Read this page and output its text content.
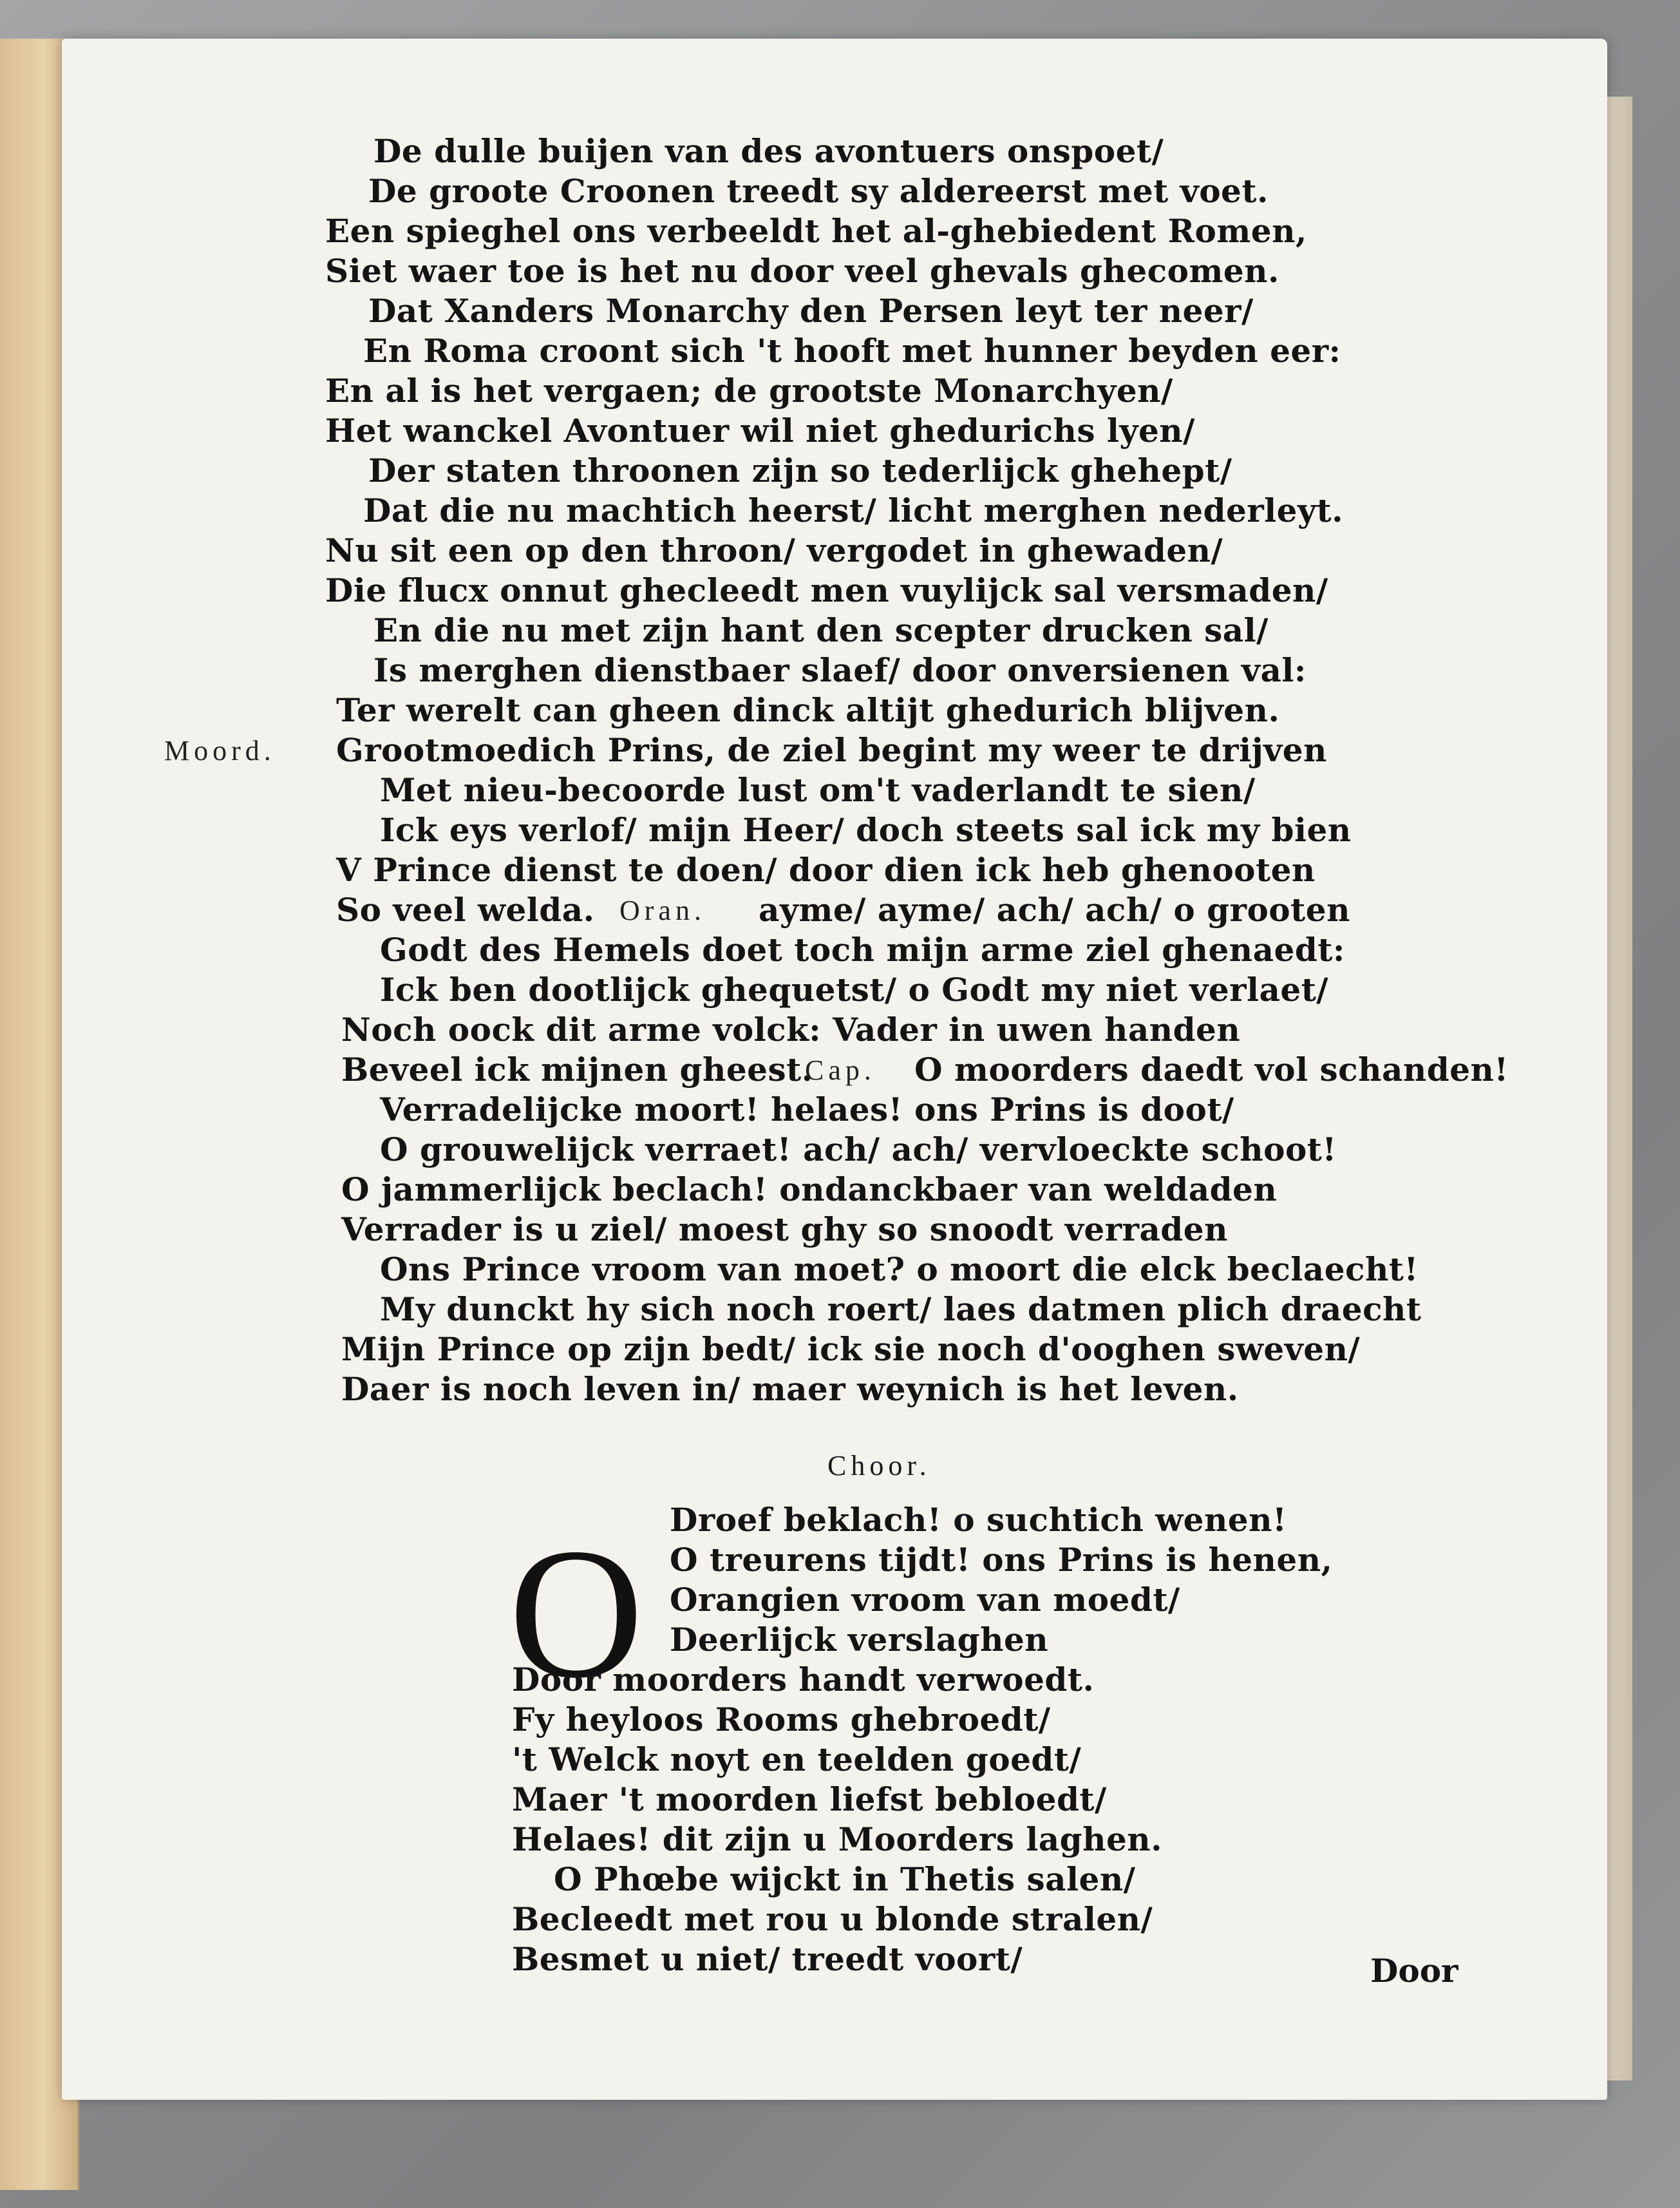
De dulle buijen van des avontuers onspoet/
De groote Croonen treedt sy aldereerst met voet.
Een spieghel ons verbeeldt het al-ghebiedent Romen,
Siet waer toe is het nu door veel ghevals ghecomen.
Dat Xanders Monarchy den Persen leyt ter neer/
En Roma croont sich 't hooft met hunner beyden eer:
En al is het vergaen; de grootste Monarchyen/
Het wanckel Avontuer wil niet ghedurichs lyen/
Der staten throonen zijn so tederlijck ghehept/
Dat die nu machtich heerst/ licht merghen nederleyt.
Nu sit een op den throon/ vergodet in ghewaden/
Die flucx onnut ghecleedt men vuylijck sal versmaden/
En die nu met zijn hant den scepter drucken sal/
Is merghen dienstbaer slaef/ door onversienen val:
Ter werelt can gheen dinck altijt ghedurich blijven.
Moord. Grootmoedich Prins, de ziel begint my weer te drijven
Met nieu-becoorde lust om't vaderlandt te sien/
Ick eys verlof/ mijn Heer/ doch steets sal ick my bien
V Prince dienst te doen/ door dien ick heb ghenooten
So veel welda. Oran. ayme/ ayme/ ach/ ach/ o grooten
Godt des Hemels doet toch mijn arme ziel ghenaedt:
Ick ben dootlijck ghequetst/ o Godt my niet verlaet/
Noch oock dit arme volck: Vader in uwen handen
Beveel ick mijnen gheest.
Cap. O moorders daedt vol schanden!
Verradelijcke moort! helaes! ons Prins is doot/
O grouwelijck verraet! ach/ ach/ vervloeckte schoot!
O jammerlijck beclach! ondanckbaer van weldaden
Verrader is u ziel/ moest ghy so snoodt verraden
Ons Prince vroom van moet? o moort die elck beclaecht!
My dunckt hy sich noch roert/ laes datmen plich draecht
Mijn Prince op zijn bedt/ ick sie noch d'ooghen sweven/
Daer is noch leven in/ maer weynich is het leven.
Choor.
O Droef beklach! o suchtich wenen!
O treurens tijdt! ons Prins is henen,
Orangien vroom van moedt/
Deerlijck verslaghen
Door moorders handt verwoedt.
Fy heyloos Rooms ghebroedt/
't Welck noyt en teelden goedt/
Maer 't moorden liefst bebloedt/
Helaes! dit zijn u Moorders laghen.
O Phœbe wijckt in Thetis salen/
Becleedt met rou u blonde stralen/
Besmet u niet/ treedt voort/	Door
